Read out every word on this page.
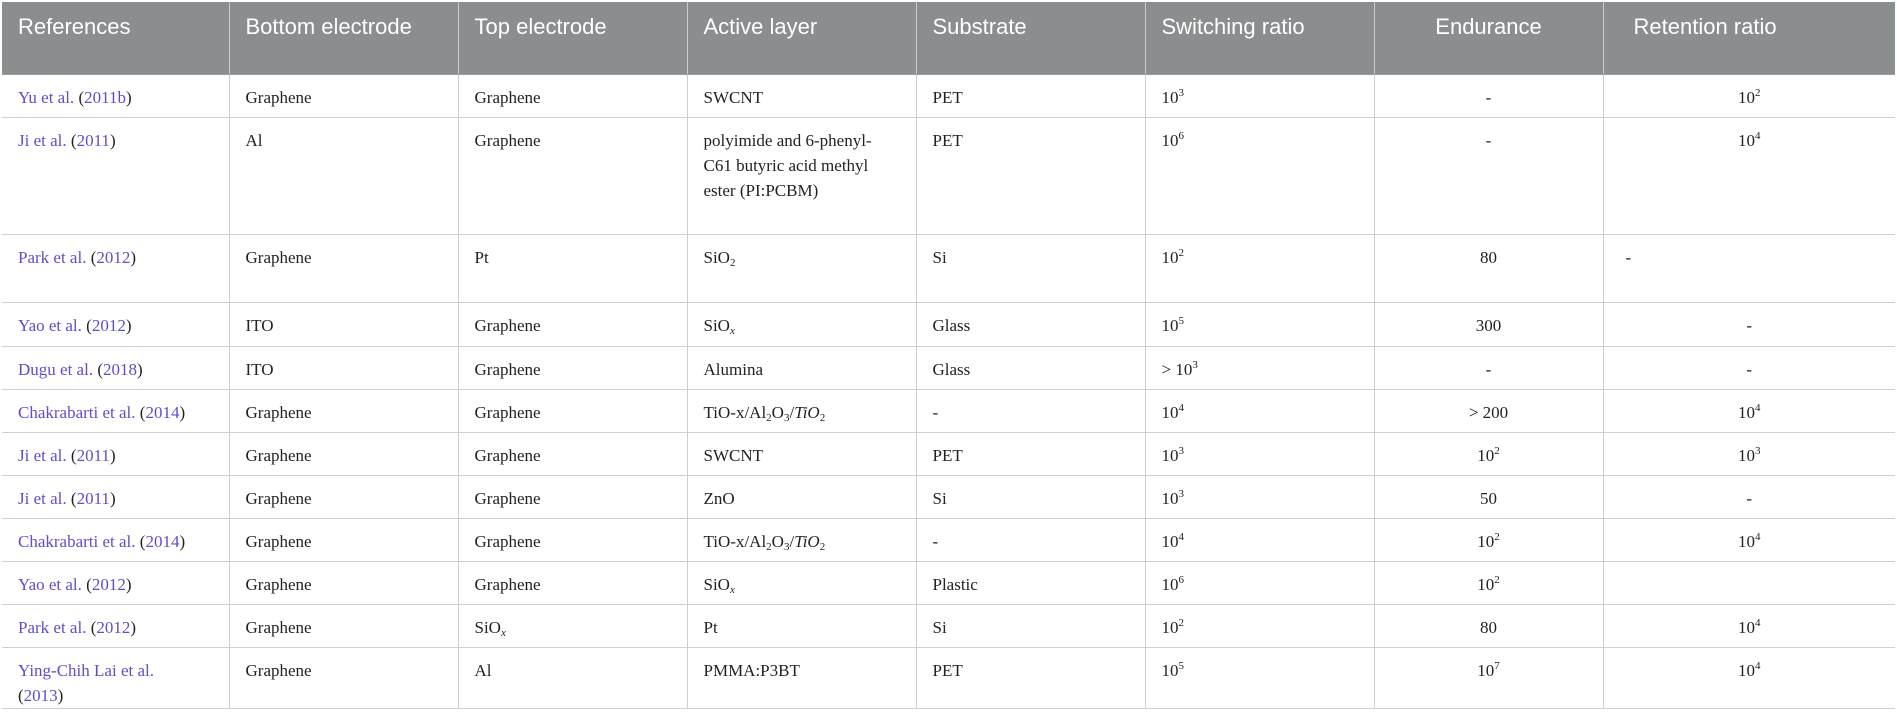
References	Bottom electrode	Top electrode	Active layer	Substrate	Switching ratio	Endurance	Retention ratio
Yu et al. (2011b)	Graphene	Graphene	SWCNT	PET	$10^3$	-	$10^2$
Ji et al. (2011)	Al	Graphene	polyimide and 6-phenyl-C61 butyric acid methyl ester (PI:PCBM)	PET	$10^6$	-	$10^4$
Park et al. (2012)	Graphene	Pt	SiO$_2$	Si	$10^2$	80	-
Yao et al. (2012)	ITO	Graphene	SiO$_x$	Glass	$10^5$	300	-
Dugu et al. (2018)	ITO	Graphene	Alumina	Glass	> $10^3$	-	-
Chakrabarti et al. (2014)	Graphene	Graphene	TiO-$x/Al_2O_3/TiO_2$	-	$10^4$	> 200	$10^4$
Ji et al. (2011)	Graphene	Graphene	SWCNT	PET	$10^3$	$10^2$	$10^3$
Ji et al. (2011)	Graphene	Graphene	ZnO	Si	$10^3$	50	-
Chakrabarti et al. (2014)	Graphene	Graphene	TiO-$x/Al_2O_3/TiO_2$	-	$10^4$	$10^2$	$10^4$
Yao et al. (2012)	Graphene	Graphene	SiO$_x$	Plastic	$10^6$	$10^2$	
Park et al. (2012)	Graphene	SiO$_x$	Pt	Si	$10^2$	80	$10^4$
Ying-Chih Lai et al. (2013)	Graphene	Al	PMMA:P3BT	PET	$10^5$	$10^7$	$10^4$
